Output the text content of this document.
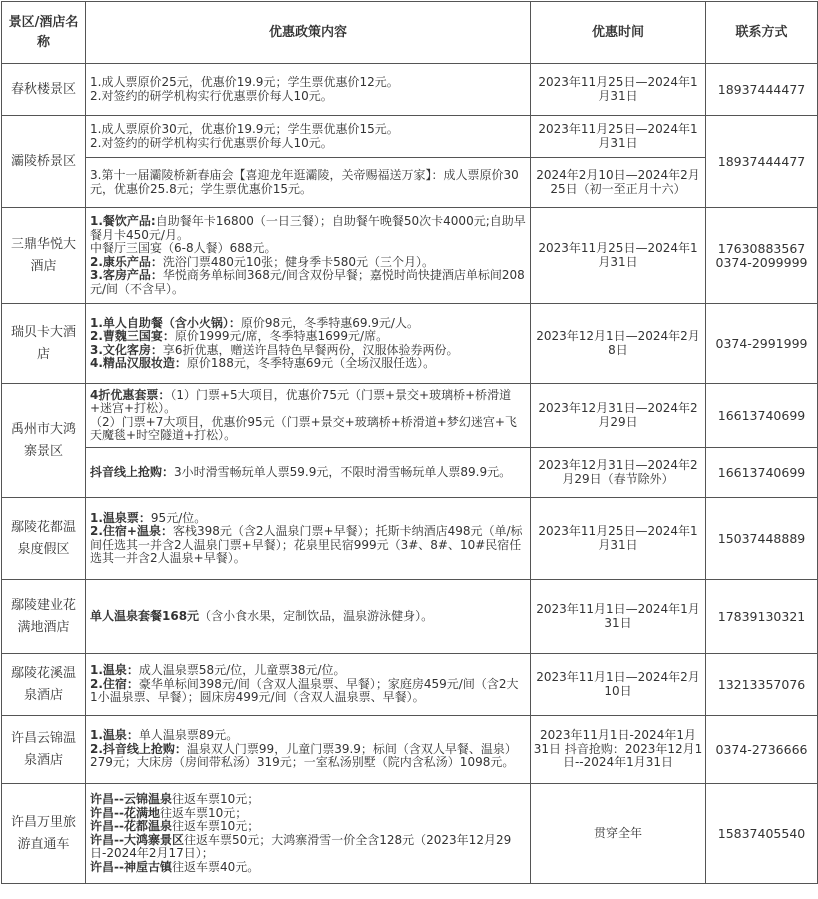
景区/酒店名称	优惠政策内容	优惠时间	联系方式
春秋楼景区	1.成人票原价25元，优惠价19.9元；学生票优惠价12元。
2.对签约的研学机构实行优惠票价每人10元。	2023年11月25日—2024年1月31日	18937444477

灞陵桥景区	1.成人票原价30元，优惠价19.9元；学生票优惠价15元。
2.对签约的研学机构实行优惠票价每人10元。	2023年11月25日—2024年1月31日	18937444477

	3.第十一届灞陵桥新春庙会【喜迎龙年逛灞陵，关帝赐福送万家】：成人票原价30元，优惠价25.8元；学生票优惠价15元。	2024年2月10日—2024年2月25日（初一至正月十六）	
三鼎华悦大酒店	1.餐饮产品:自助餐年卡16800（一日三餐）；自助餐午晚餐50次卡4000元;自助早餐月卡450元/月。
中餐厅三国宴（6-8人餐）688元。
2.康乐产品：洗浴门票480元10张；健身季卡580元（三个月）。
3.客房产品：华悦商务单标间368元/间含双份早餐；嘉悦时尚快捷酒店单标间208元/间（不含早）。	2023年11月25日—2024年1月31日	17630883567
0374-2099999

瑞贝卡大酒店	1.单人自助餐（含小火锅）：原价98元，冬季特惠69.9元/人。
2.曹魏三国宴：原价1999元/席，冬季特惠1699元/席。
3.文化客房：享6折优惠，赠送许昌特色早餐两份，汉服体验券两份。
4.精品汉服妆造：原价188元，冬季特惠69元（全场汉服任选）。	2023年12月1日—2024年2月8日	0374-2991999

禹州市大鸿寨景区	4折优惠套票：（1）门票+5大项目，优惠价75元（门票+景交+玻璃桥+桥滑道+迷宫+打松）。
（2）门票+7大项目，优惠价95元（门票+景交+玻璃桥+桥滑道+梦幻迷宫+飞天魔毯+时空隧道+打松）。	2023年12月31日—2024年2月29日	16613740699

	抖音线上抢购：3小时滑雪畅玩单人票59.9元，不限时滑雪畅玩单人票89.9元。	2023年12月31日—2024年2月29日（春节除外）	16613740699

鄢陵花都温泉度假区	1.温泉票：95元/位。
2.住宿+温泉：客栈398元（含2人温泉门票+早餐）；托斯卡纳酒店498元（单/标间任选其一并含2人温泉门票+早餐）；花泉里民宿999元（3#、8#、10#民宿任选其一并含2人温泉+早餐）。	2023年11月25日—2024年1月31日	15037448889

鄢陵建业花满地酒店	单人温泉套餐168元（含小食水果，定制饮品，温泉游泳健身）。	2023年11月1日—2024年1月31日	17839130321

鄢陵花溪温泉酒店	1.温泉：成人温泉票58元/位，儿童票38元/位。
2.住宿：豪华单标间398元/间（含双人温泉票、早餐）；家庭房459元/间（含2大1小温泉票、早餐）；圆床房499元/间（含双人温泉票、早餐）。	2023年11月1日—2024年2月10日	13213357076

许昌云锦温泉酒店	1.温泉：单人温泉票89元。
2.抖音线上抢购：温泉双人门票99，儿童门票39.9；标间（含双人早餐、温泉）279元；大床房（房间带私汤）319元；一室私汤别墅（院内含私汤）1098元。	2023年11月1日-2024年1月31日 抖音抢购：2023年12月1日--2024年1月31日	0374-2736666

许昌万里旅游直通车	许昌--云锦温泉往返车票10元；
许昌--花满地往返车票10元；
许昌--花都温泉往返车票10元；
许昌--大鸿寨景区往返车票50元；大鸿寨滑雪一价全含128元（2023年12月29日-2024年2月17日）；
许昌--神垕古镇往返车票40元。	贯穿全年	15837405540
